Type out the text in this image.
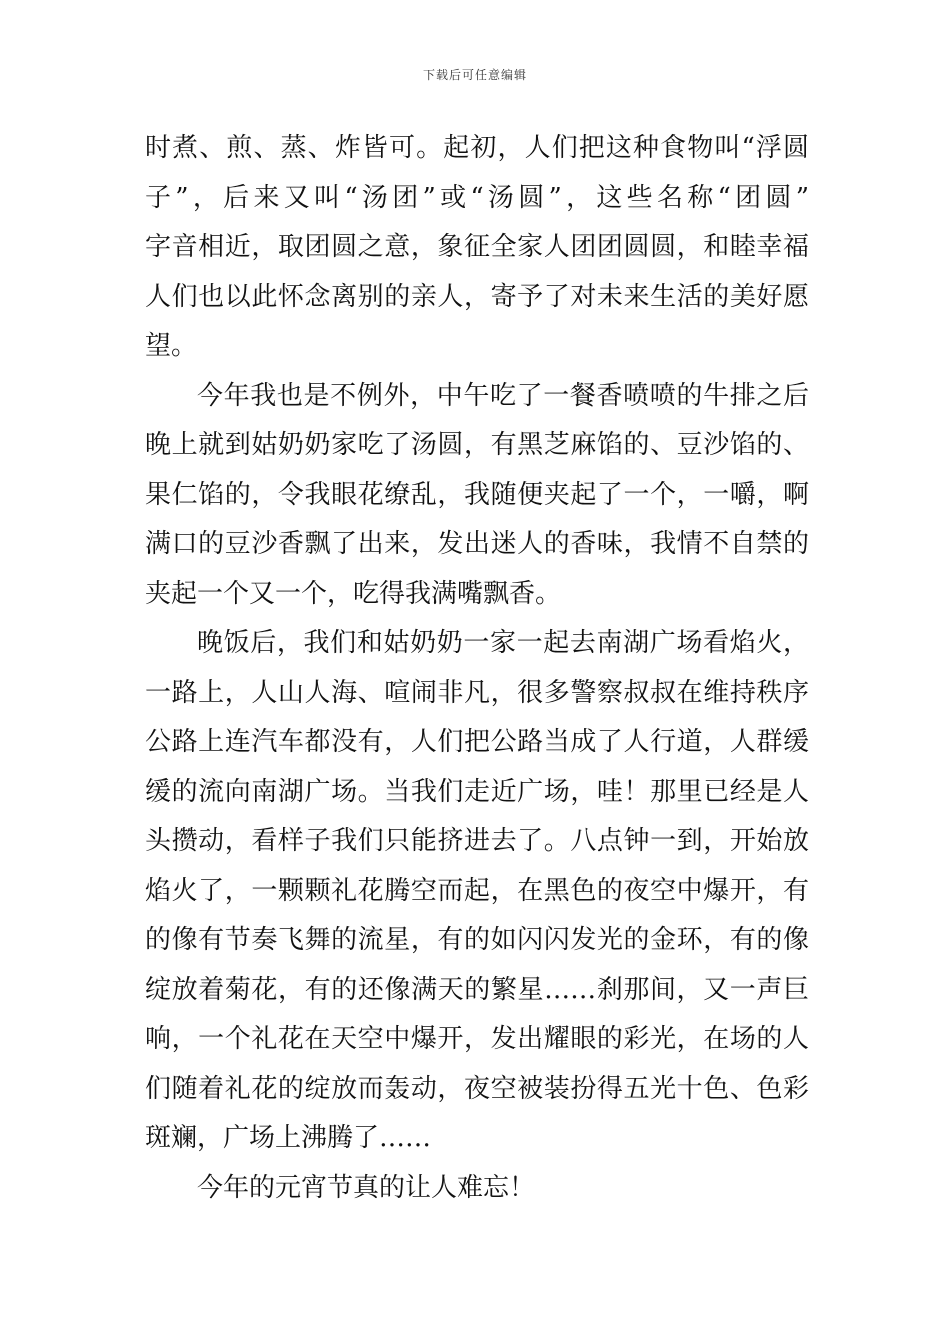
下载后可任意编辑
时煮、煎、蒸、炸皆可。起初，人们把这种食物叫“浮圆
子”，后来又叫“汤团”或“汤圆”，这些名称“团圆”
字音相近，取团圆之意，象征全家人团团圆圆，和睦幸福
人们也以此怀念离别的亲人，寄予了对未来生活的美好愿
望。
今年我也是不例外，中午吃了一餐香喷喷的牛排之后
晚上就到姑奶奶家吃了汤圆，有黑芝麻馅的、豆沙馅的、
果仁馅的，令我眼花缭乱，我随便夹起了一个，一嚼，啊
满口的豆沙香飘了出来，发出迷人的香味，我情不自禁的
夹起一个又一个，吃得我满嘴飘香。
晚饭后，我们和姑奶奶一家一起去南湖广场看焰火，
一路上，人山人海、喧闹非凡，很多警察叔叔在维持秩序
公路上连汽车都没有，人们把公路当成了人行道，人群缓
缓的流向南湖广场。当我们走近广场，哇！那里已经是人
头攒动，看样子我们只能挤进去了。八点钟一到，开始放
焰火了，一颗颗礼花腾空而起，在黑色的夜空中爆开，有
的像有节奏飞舞的流星，有的如闪闪发光的金环，有的像
绽放着菊花，有的还像满天的繁星……刹那间，又一声巨
响，一个礼花在天空中爆开，发出耀眼的彩光，在场的人
们随着礼花的绽放而轰动，夜空被装扮得五光十色、色彩
斑斓，广场上沸腾了……
今年的元宵节真的让人难忘！
